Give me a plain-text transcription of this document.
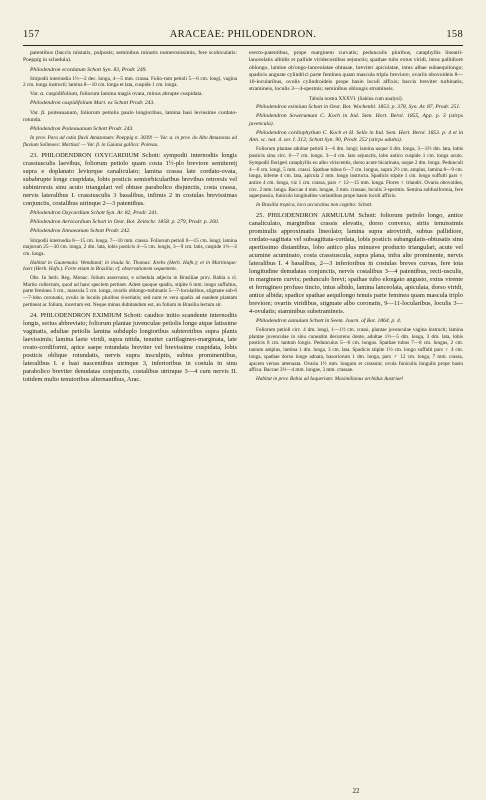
157	ARACEAE: PHILODENDRON.	158

patentibus (baccis mistatis, pulposis; seminibus minutis numerosissimis, fere scobiculatis: Poeppig in schedula).

Philodendron ecordatum Schott Syn. 83, Prodr. 249.

Stirpodii internodia 1½—2 dec. longa, 4—5 mm. crassa. Folio-rum petioli 5—6 cm. longi, vagina 2 cm. longa instructi; lamina 8—10 cm. longa et lata, cuspide 1 cm. longa.

Var. α. cuspidifolium, foliorum lamina magis ovata, minus abrupte cuspidata.

Philodendron cuspidifolium Mart. ex Schott Prodr. 243.

Var. β. poiteauanum, foliorum petiolis paulo longioribus, lamina basi leviusime cordato-rotunda.

Philodendron Poiteauanum Schott Prodr. 243.

In prov. Para ad ostia fluvii Amazonum: Poeppig n. 3039! — Var. α. in prov. do Alto Amazonas ad fluvium Solimoes: Martius! — Var. β. in Guiana gallica: Poiteau.

23. PHILODENDRON OXYCARDIUM Schott: sympodii internodiis longis crassiusculis laevibus, foliorum petiolo quam costa 1½-plo breviore semiteretj supra e doplanato leviorque canaliculato; lamina crassa late cordato-ovata, subabrupte longe cuspidata, lobis posticis semiorbicularibus brevibus retrorsis vel subintrorsis sinu acuto triangulari vel obtuse parabolico disjunctis, costa crassa, nervis lateralibus I. crassiusculis 3 basalibus, infimis 2 in costulas brevissimas conjunctis, costalibus utrinque 2—3 patentibus.

Philodendron Oxycardium Schott Syn. Ar. 82, Prodr. 241.

Philodendron Aerocardium Schott in Oest. Bot. Zeitschr. 1858. p. 279, Prodr. p. 260.

Philodendron Iinnaeanum Schott Prodr. 242.

Stirpodii internodia 8—15 cm. longa, 7—10 mm. crassa. Foliorum petioli 8—15 cm. longi; lamina majorum 25—30 cm. longa, 2 dm. lata, lobis posticis 4—5 cm. longis, 3—9 cm. latis, cuspide 1½—2 cm. longa.

Habitat in Guatemala: Wendland; in insula St. Thomas: Krebs (Herb. Hafn.); et in Martinique: Isert (Herb. Hafn.). Forte etiam in Brasilia; cf. observationem sequentem.

Obs. In herb. Reg. Monac. folium asservatur, e schedula adjecta in Brasiliae prov. Bahia a cl. Martio collectum, quod ad hanc speciem pertinet. Adest quoque spadix, stipite 6 mm. longo suffultus, parte feminea 3 cm., mascula 5 cm. longa, ovariis oblongo-turbinatis 5—7-locularibus, stigmate sub-6—7-lobo coronatis, ovulis in loculis pluribus d-seriatis; sed num re vera spadix ad eandem plantam pertineat ac folium, incertum est. Neque minus dubitandum est, an folium in Brasilia lectum sit.

24. PHILODENDRON EXIMIUM Schott: caudice initio scandente internodiis longis, serius abbreviato; foliorum planiae juvenculae petiolis longe atque latissime vaginatis, adultae petiolis lamina subduplo longioribus subteretibus supra planis laevissimis; lamina laete viridi, supra nitida, tenuiter cartilagineo-marginata, late ovato-cordiformi, apice saepe rotundata breviter vel brevissime cuspidata, lobis posticis oblique rotundatis, nervis supra insculptis, subtus prominentibus, lateralibus I. e basi nascentibus utrinque 3, inferioribus in costula in sinu parabolico breviter denudatas conjunctis, costalibus utrinque 3—4 cum nervis II. totidem multo tenuioribus alternantibus, Arac.

erecto-patentibus, prope marginem curvatis; pedunculis pluribus, cataphyllis linearii-lanceolatis albidis et pallide viridecostibus sejunctis; spathae tubo extus viridi, intus pallidiore oblongo, lamine ob'ongo-lanceolatae obtusae, breviter apiculatae, intus albae subaequilongo; spadicis anguste cylindrici parte feminea quam mascula triplo breviore; ovariis obovoideis 8—10-locularibus, ovulis cylindroideis prope basin loculi affixis; baccis breviter turbinatis, stramineis, loculis 3—4-spermis; seminibus oblongis strumineis.

Tabula nostra XXXVI. (Sabina cum analysi).

Philodendron eximium Schott in Oest. Bot. Wochenbl. 1853. p. 378, Syn. Ar. 87, Prodr. 251.

Philodendron Sowerumum C. Koch in Ind. Sem. Hort. Berol. 1855, App. p. 3 (stirps juvencula).

Philodendron cordiophyllum C. Koch et H. Sello in Ind. Sem. Hort. Berol. 1853. p. 4 et in Ann. sc. nat. 4. ser. I. 312; Schott Syn. 90, Prodr. 252 (stirps adulta).

Foliorum plantae adultae petioli 3—6 dm. longi; lamina usque 4 dm. longa, 3—3½ dm. lata, lobis posticis sinu circ. 6—7 cm. longo, 3—4 cm. lato sejunctis, lobo antico cuspide 1 cm. longa acuto. Sympodii florigeri cataphyllis eo albo viriscentis, dorso acute bicarinata, usque 2 dm. longa. Pedunculi 4—6 cm. longi, 5 mm. crassi. Spathae tubus 6—7 cm. longus, supra 2½ cm. amplus, lamina 8—9 cm. longa, inferne 4 cm. lata, apicula 2 mm. longo instructa. Spadicis stipite 1 cm. longo suffulti pars ♀ antice 4 cm. longa, viz 1 cm. crassa, pars ♂ 12—15 mm. longa. Flores ♀ triandri. Ovaria obovoidea, circ. 2 mm. longa. Baccae 4 mm. longae, 3 mm. crassae, loculis 3-spermis. Semina subfusiformia, fere saperpussia, funiculo longitudine variantibus prope basin loculi affixis.

In Brasilia tropica, loco accuratius non cognito: Schott.

25. PHILODENDRON ARMULUM Schott: foliorum petiolo longo, antice canaliculato, marginibus crassis elevatis, dorso convexo, striis tenuissimis prominulis approximatis lineolato; lamina supra atroviridi, subtus pallidiore, cordato-sagittata vel subsagittata-cordata, lobis posticis subangulatis-obtusatis sinu apertissimo distantibus, lobo antico plus minusve producto triangulari, acute vel acumine acuminato, costa crassiuscula, supra plana, infra alte prominente, nervis lateralibus I. 4 basalibus, 2—3 inferioribus in costulas breves curvas, fere tota longitudine denudatas conjunctis, nervis costalibus 3—4 patentibus, recti-usculis, in marginem curvis; pedunculo brevi; spathae tubo elongato angusto, extus virente et ferrugineo profuso tincto, intus albido, lamina lanceolata, apiculata, dorso viridi, antice albida; spadice spathae aequilongo tenuis parte feminea quam mascula triplo breviore; ovariis viridibus, stigmate albo coronatis, 9—11-locularibus, loculis 3—4-ovulatis; staminibus subetramineis.

Philodendron asmulum Schott in Seem. Journ. of Bot. 1864. p. 4.

Foliorum petioli circ. 4 dm. longi, 1—1½ cm. crassi, plantae juvenculae vagina instructi; lamina plantae juvenculae in sinu cuneatim decurrens donte, adultae 1½—5 dm. longa, 3 dm. lata, lobis posticis 8 cm. tantum longis. Pedunculus 5—6 cm. longus. Spathae tubus 7—8 cm. longus, 2 cm. tantum amplus, lamina 1 dm. longa, 3 cm. lata. Spadicis stipite 1½ cm. longo suffulti pars ♀ 4 cm. longa, spathae dorso longe adnata, basoriorum 1 dm. longa, pars ♂ 12 cm. longa, 7 mm. crassa, apicem versus attenuata. Ovaria 1½ mm. longum et crassum; ovula funiculis longulis prope basin affixa. Baccae 3½—4 mm. longae, 3 mm. crassae.

Habitat in prov. Bahia ad Iaqueriam: Maximilianus archidux Austriae!

22
